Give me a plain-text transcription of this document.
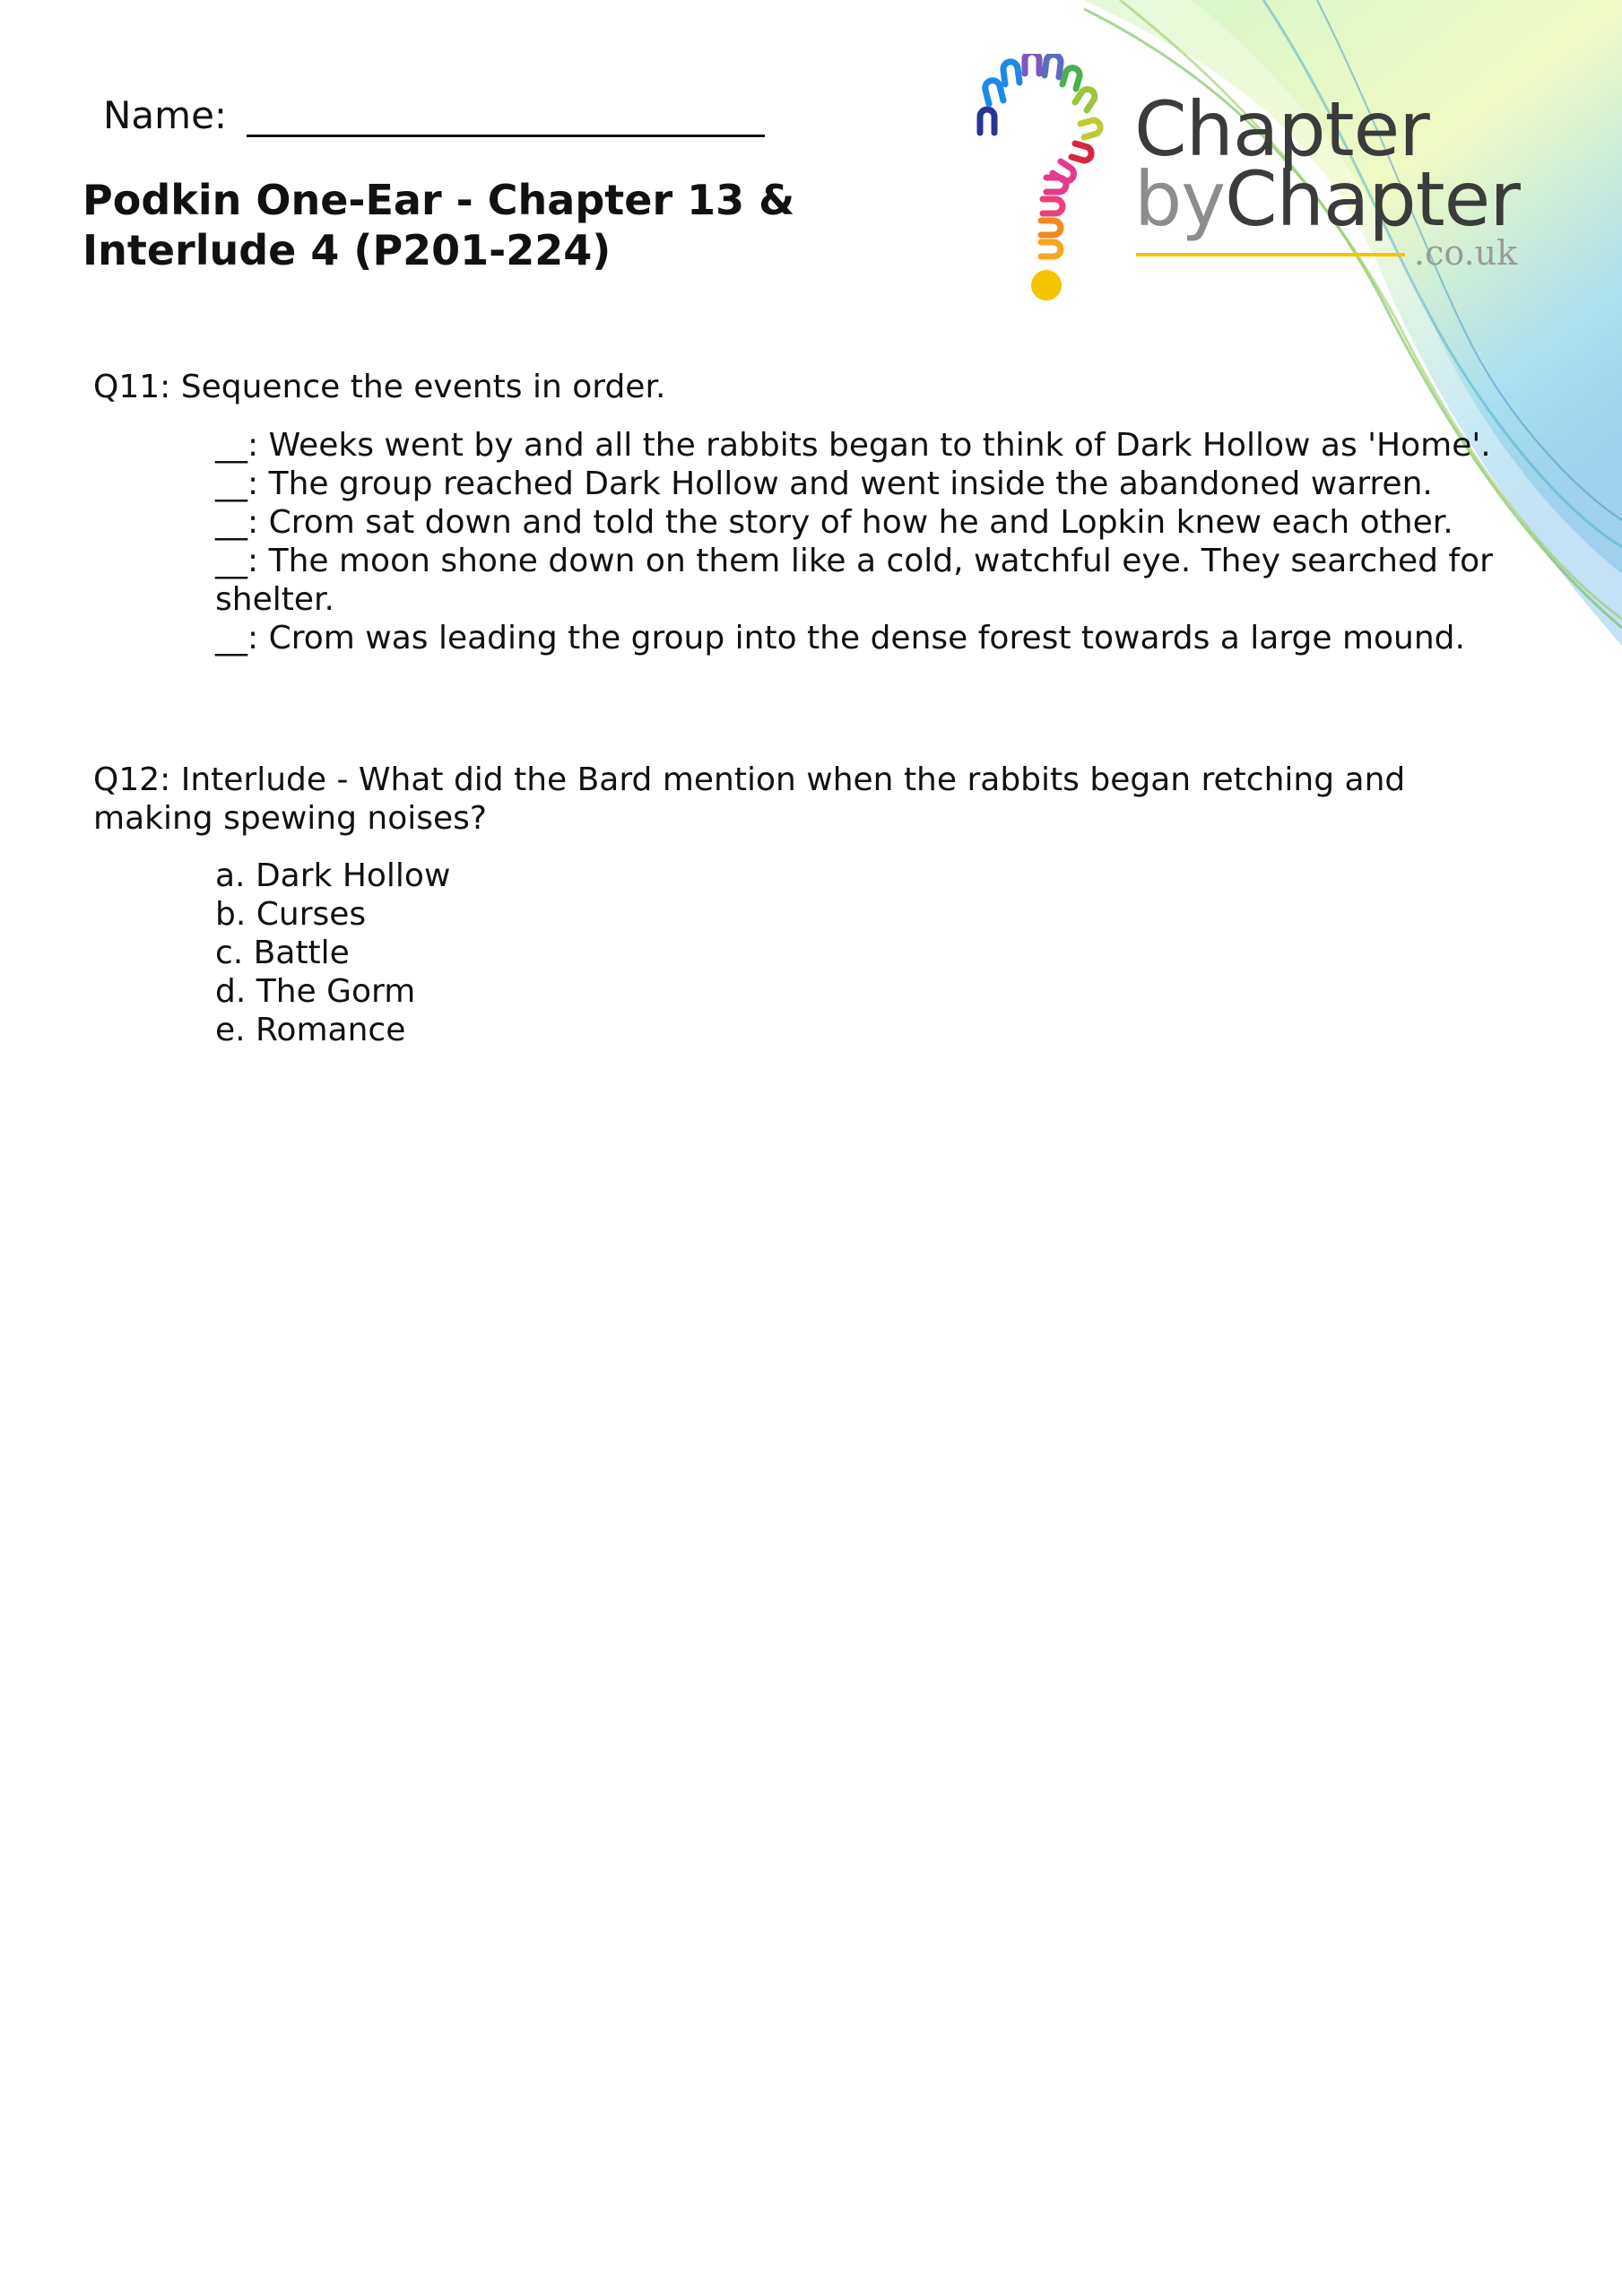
Name:
Podkin One-Ear - Chapter 13 & Interlude 4 (P201-224)
Chapter
byChapter
.co.uk
Q11: Sequence the events in order.
__: Weeks went by and all the rabbits began to think of Dark Hollow as 'Home'.
__: The group reached Dark Hollow and went inside the abandoned warren.
__: Crom sat down and told the story of how he and Lopkin knew each other.
__: The moon shone down on them like a cold, watchful eye. They searched for shelter.
__: Crom was leading the group into the dense forest towards a large mound.
Q12: Interlude - What did the Bard mention when the rabbits began retching and making spewing noises?
a. Dark Hollow
b. Curses
c. Battle
d. The Gorm
e. Romance
